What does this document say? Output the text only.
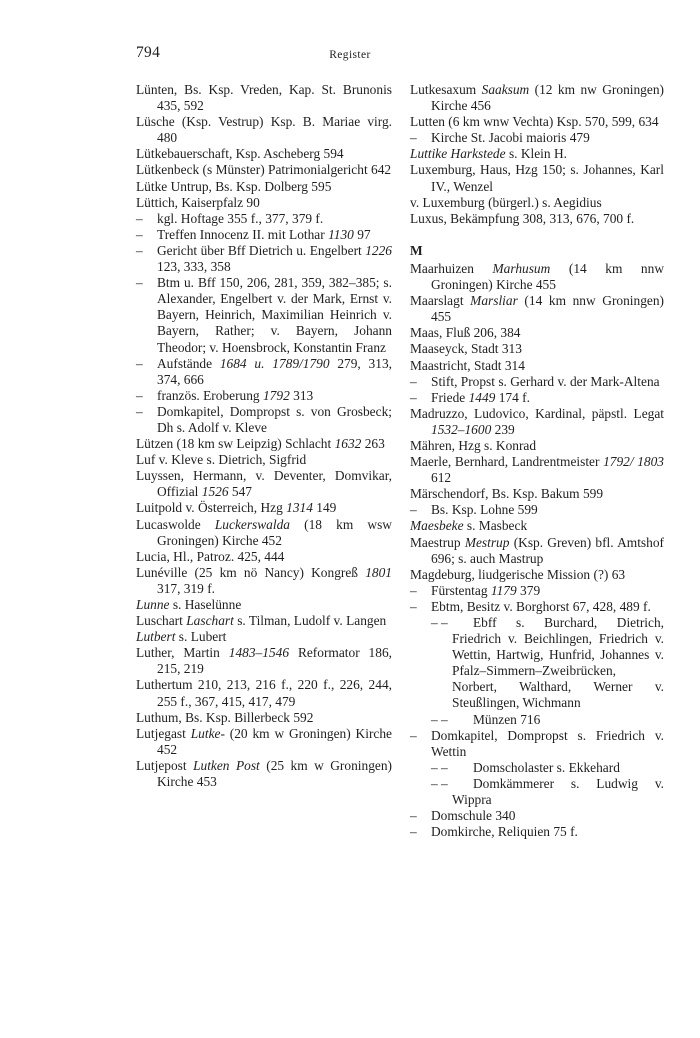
794	Register
Lünten, Bs. Ksp. Vreden, Kap. St. Brunonis 435, 592
Lüsche (Ksp. Vestrup) Ksp. B. Mariae virg. 480
Lütkebauerschaft, Ksp. Ascheberg 594
Lütkenbeck (s Münster) Patrimonialgericht 642
Lütke Untrup, Bs. Ksp. Dolberg 595
Lüttich, Kaiserpfalz 90
– kgl. Hoftage 355 f., 377, 379 f.
– Treffen Innocenz II. mit Lothar 1130 97
– Gericht über Bff Dietrich u. Engelbert 1226 123, 333, 358
– Btm u. Bff 150, 206, 281, 359, 382–385; s. Alexander, Engelbert v. der Mark, Ernst v. Bayern, Heinrich, Maximilian Heinrich v. Bayern, Rather; v. Bayern, Johann Theodor; v. Hoensbrock, Konstantin Franz
– Aufstände 1684 u. 1789/1790 279, 313, 374, 666
– französ. Eroberung 1792 313
– Domkapitel, Dompropst s. von Grosbeck; Dh s. Adolf v. Kleve
Lützen (18 km sw Leipzig) Schlacht 1632 263
Luf v. Kleve s. Dietrich, Sigfrid
Luyssen, Hermann, v. Deventer, Domvikar, Offizial 1526 547
Luitpold v. Österreich, Hzg 1314 149
Lucaswolde Luckerswalda (18 km wsw Groningen) Kirche 452
Lucia, Hl., Patroz. 425, 444
Lunéville (25 km nö Nancy) Kongreß 1801 317, 319 f.
Lunne s. Haselünne
Luschart Laschart s. Tilman, Ludolf v. Langen
Lutbert s. Lubert
Luther, Martin 1483–1546 Reformator 186, 215, 219
Luthertum 210, 213, 216 f., 220 f., 226, 244, 255 f., 367, 415, 417, 479
Luthum, Bs. Ksp. Billerbeck 592
Lutjegast Lutke- (20 km w Groningen) Kirche 452
Lutjepost Lutken Post (25 km w Groningen) Kirche 453
Lutkesaxum Saaksum (12 km nw Groningen) Kirche 456
Lutten (6 km wnw Vechta) Ksp. 570, 599, 634
– Kirche St. Jacobi maioris 479
Luttike Harkstede s. Klein H.
Luxemburg, Haus, Hzg 150; s. Johannes, Karl IV., Wenzel
v. Luxemburg (bürgerl.) s. Aegidius
Luxus, Bekämpfung 308, 313, 676, 700 f.
M
Maarhuizen Marhusum (14 km nnw Groningen) Kirche 455
Maarslagt Marsliar (14 km nnw Groningen) 455
Maas, Fluß 206, 384
Maaseyck, Stadt 313
Maastricht, Stadt 314
– Stift, Propst s. Gerhard v. der Mark-Altena
– Friede 1449 174 f.
Madruzzo, Ludovico, Kardinal, päpstl. Legat 1532–1600 239
Mähren, Hzg s. Konrad
Maerle, Bernhard, Landrentmeister 1792/ 1803 612
Märschendorf, Bs. Ksp. Bakum 599
– Bs. Ksp. Lohne 599
Maesbeke s. Masbeck
Maestrup Mestrup (Ksp. Greven) bfl. Amtshof 696; s. auch Mastrup
Magdeburg, liudgerische Mission (?) 63
– Fürstentag 1179 379
– Ebtm, Besitz v. Borghorst 67, 428, 489 f.
– – Ebff s. Burchard, Dietrich, Friedrich v. Beichlingen, Friedrich v. Wettin, Hartwig, Hunfrid, Johannes v. Pfalz–Simmern–Zweibrücken, Norbert, Walthard, Werner v. Steußlingen, Wichmann
– – Münzen 716
– Domkapitel, Dompropst s. Friedrich v. Wettin
– – Domscholaster s. Ekkehard
– – Domkämmerer s. Ludwig v. Wippra
– Domschule 340
– Domkirche, Reliquien 75 f.
